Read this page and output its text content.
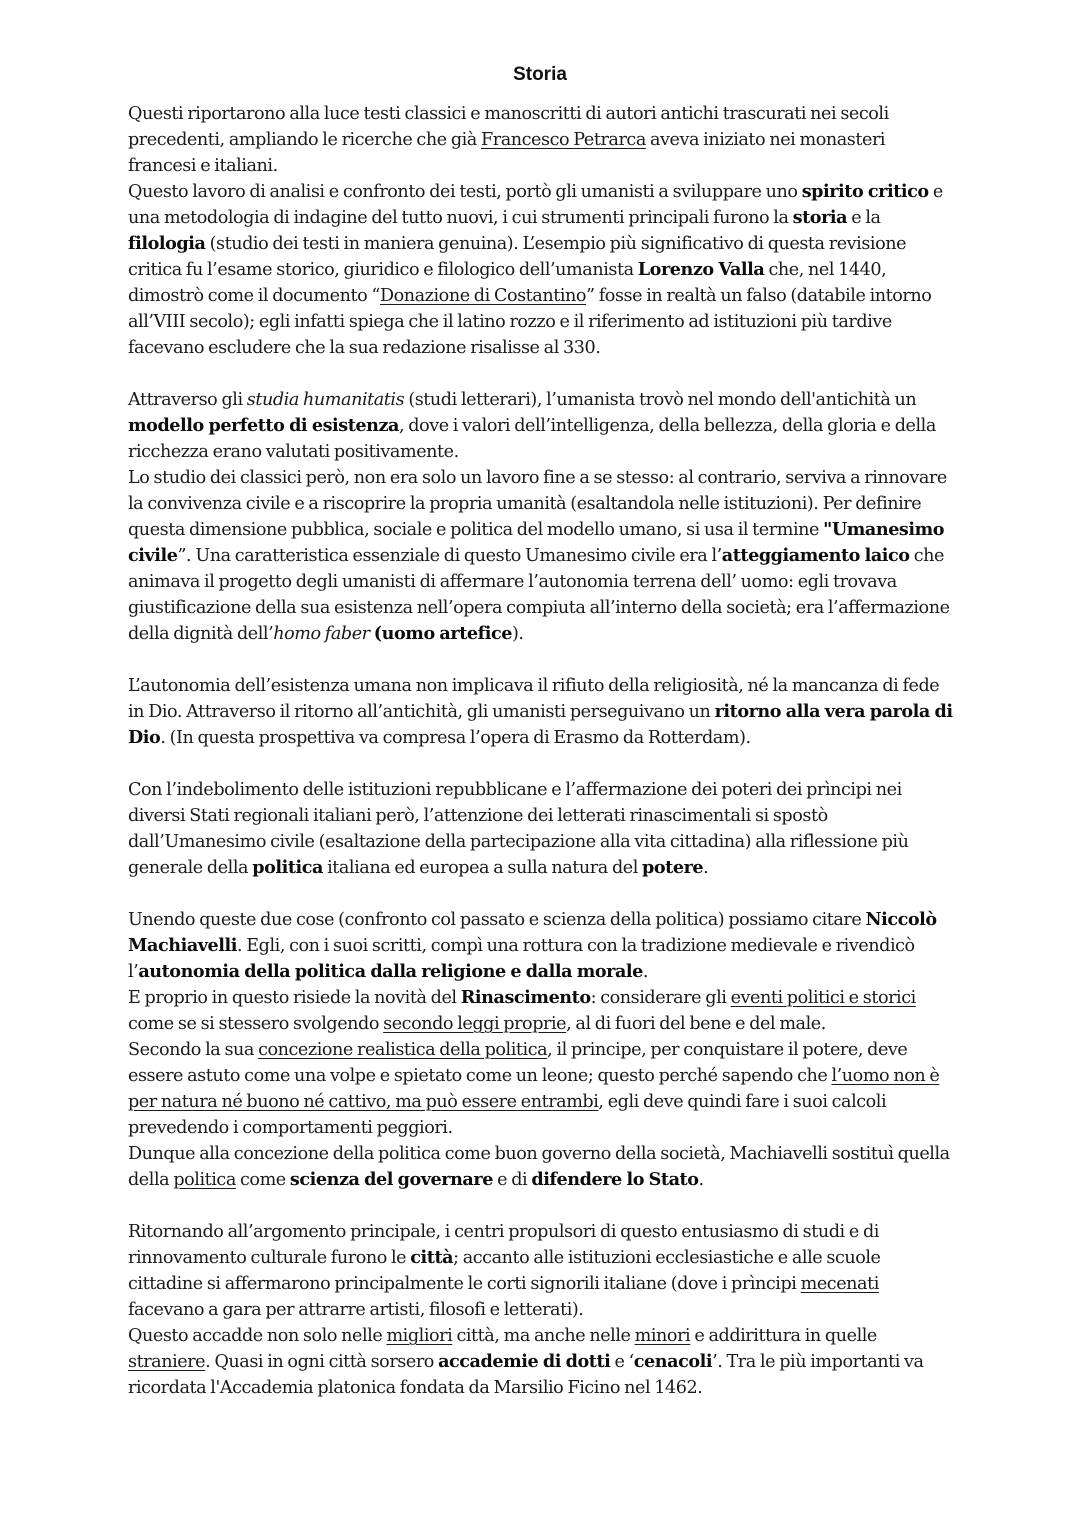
Storia

Questi riportarono alla luce testi classici e manoscritti di autori antichi trascurati nei secoli precedenti, ampliando le ricerche che già Francesco Petrarca aveva iniziato nei monasteri francesi e italiani.

Questo lavoro di analisi e confronto dei testi, portò gli umanisti a sviluppare uno spirito critico e una metodologia di indagine del tutto nuovi, i cui strumenti principali furono la storia e la filologia (studio dei testi in maniera genuina). L’esempio più significativo di questa revisione critica fu l’esame storico, giuridico e filologico dell’umanista Lorenzo Valla che, nel 1440, dimostrò come il documento “Donazione di Costantino” fosse in realtà un falso (databile intorno all’VIII secolo); egli infatti spiega che il latino rozzo e il riferimento ad istituzioni più tardive facevano escludere che la sua redazione risalisse al 330.

Attraverso gli studia humanitatis (studi letterari), l’umanista trovò nel mondo dell'antichità un modello perfetto di esistenza, dove i valori dell’intelligenza, della bellezza, della gloria e della ricchezza erano valutati positivamente.

Lo studio dei classici però, non era solo un lavoro fine a se stesso: al contrario, serviva a rinnovare la convivenza civile e a riscoprire la propria umanità (esaltandola nelle istituzioni). Per definire questa dimensione pubblica, sociale e politica del modello umano, si usa il termine "Umanesimo civile”. Una caratteristica essenziale di questo Umanesimo civile era l’atteggiamento laico che animava il progetto degli umanisti di affermare l’autonomia terrena dell’ uomo: egli trovava giustificazione della sua esistenza nell’opera compiuta all’interno della società; era l’affermazione della dignità dell’homo faber (uomo artefice).

L’autonomia dell’esistenza umana non implicava il rifiuto della religiosità, né la mancanza di fede in Dio. Attraverso il ritorno all’antichità, gli umanisti perseguivano un ritorno alla vera parola di Dio. (In questa prospettiva va compresa l’opera di Erasmo da Rotterdam).

Con l’indebolimento delle istituzioni repubblicane e l’affermazione dei poteri dei prìncipi nei diversi Stati regionali italiani però, l’attenzione dei letterati rinascimentali si spostò dall’Umanesimo civile (esaltazione della partecipazione alla vita cittadina) alla riflessione più generale della politica italiana ed europea a sulla natura del potere.

Unendo queste due cose (confronto col passato e scienza della politica) possiamo citare Niccolò Machiavelli. Egli, con i suoi scritti, compì una rottura con la tradizione medievale e rivendicò l’autonomia della politica dalla religione e dalla morale.

E proprio in questo risiede la novità del Rinascimento: considerare gli eventi politici e storici come se si stessero svolgendo secondo leggi proprie, al di fuori del bene e del male.

Secondo la sua concezione realistica della politica, il principe, per conquistare il potere, deve essere astuto come una volpe e spietato come un leone; questo perché sapendo che l’uomo non è per natura né buono né cattivo, ma può essere entrambi, egli deve quindi fare i suoi calcoli prevedendo i comportamenti peggiori.

Dunque alla concezione della politica come buon governo della società, Machiavelli sostituì quella della politica come scienza del governare e di difendere lo Stato.

Ritornando all’argomento principale, i centri propulsori di questo entusiasmo di studi e di rinnovamento culturale furono le città; accanto alle istituzioni ecclesiastiche e alle scuole cittadine si affermarono principalmente le corti signorili italiane (dove i prìncipi mecenati facevano a gara per attrarre artisti, filosofi e letterati).

Questo accadde non solo nelle migliori città, ma anche nelle minori e addirittura in quelle straniere. Quasi in ogni città sorsero accademie di dotti e ‘cenacoli’. Tra le più importanti va ricordata l'Accademia platonica fondata da Marsilio Ficino nel 1462.
